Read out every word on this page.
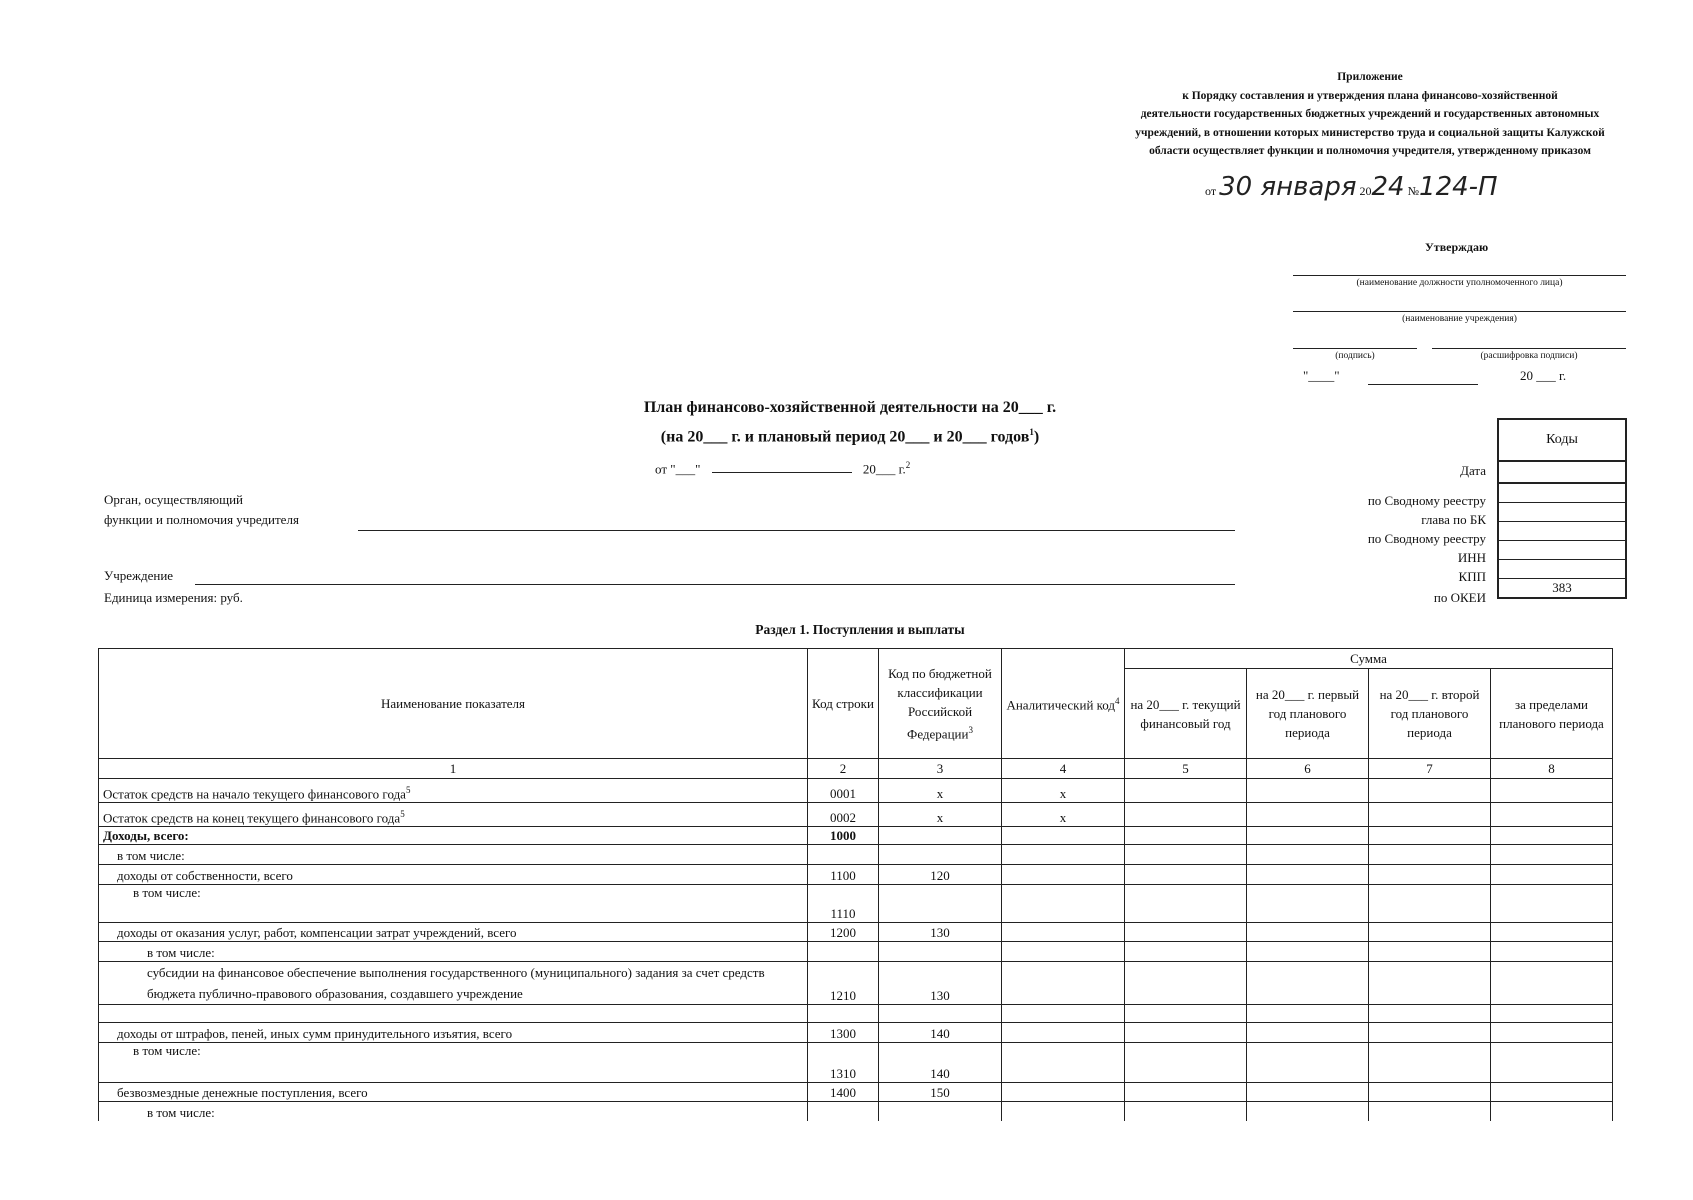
Приложение
к Порядку составления и утверждения плана финансово-хозяйственной
деятельности государственных бюджетных учреждений и государственных автономных
учреждений, в отношении которых министерство труда и социальной защиты Калужской
области осуществляет функции и полномочия учредителя, утвержденному приказом
от 30 января 2024 №124-П
Утверждаю
(наименование должности уполномоченного лица)
(наименование учреждения)
(подпись)	(расшифровка подписи)
"____"	20 ___ г.
План финансово-хозяйственной деятельности на 20___ г.
(на 20___ г. и плановый период 20___ и 20___ годов$^1$)
от "___"	20___ г.$^2$
Орган, осуществляющий
функции и полномочия учредителя
Учреждение
Единица измерения: руб.
Коды
383
Дата
по Сводному реестру
глава по БК
по Сводному реестру
ИНН
КПП
по ОКЕИ
Раздел 1. Поступления и выплаты
Наименование показателя	Код строки	Код по бюджетной классификации Российской Федерации$^3$	Аналитический код$^4$	Сумма			
				на 20___ г. текущий финансовый год	на 20___ г. первый год планового периода	на 20___ г. второй год планового периода	за пределами планового периода
1	2	3	4	5	6	7	8
Остаток средств на начало текущего финансового года$^5$	0001	x	x				
Остаток средств на конец текущего финансового года$^5$	0002	x	x				
Доходы, всего:	1000						
в том числе:							
доходы от собственности, всего	1100	120					
в том числе:	1110						
доходы от оказания услуг, работ, компенсации затрат учреждений, всего	1200	130					
в том числе:							
субсидии на финансовое обеспечение выполнения государственного (муниципального) задания за счет средств бюджета публично-правового образования, создавшего учреждение	1210	130					

доходы от штрафов, пеней, иных сумм принудительного изъятия, всего	1300	140					
в том числе:	1310	140					
безвозмездные денежные поступления, всего	1400	150					
в том числе:							
